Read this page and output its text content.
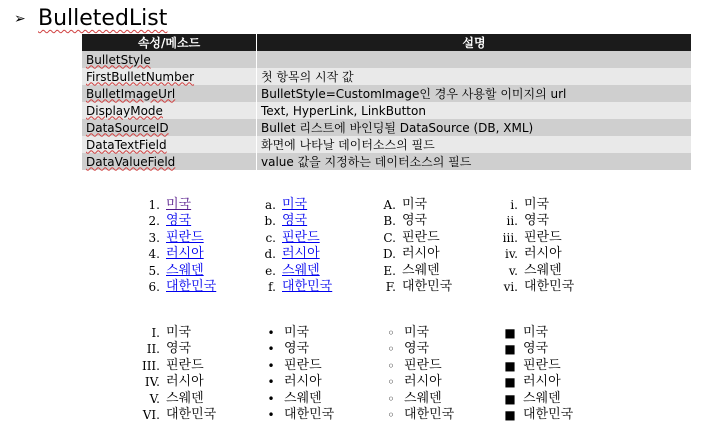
➢ BulletedList
속성/메소드	설명
BulletStyle	
FirstBulletNumber	첫 항목의 시작 값
BulletImageUrl	BulletStyle=CustomImage인 경우 사용할 이미지의 url
DisplayMode	Text, HyperLink, LinkButton
DataSourceID	Bullet 리스트에 바인딩될 DataSource (DB, XML)
DataTextField	화면에 나타날 데이터소스의 필드
DataValueField	value 값을 지정하는 데이터소스의 필드
1. 미국
2. 영국
3. 핀란드
4. 러시아
5. 스웨덴
6. 대한민국
a. 미국
b. 영국
c. 핀란드
d. 러시아
e. 스웨덴
f. 대한민국
A. 미국
B. 영국
C. 핀란드
D. 러시아
E. 스웨덴
F. 대한민국
i. 미국
ii. 영국
iii. 핀란드
iv. 러시아
v. 스웨덴
vi. 대한민국
I. 미국
II. 영국
III. 핀란드
IV. 러시아
V. 스웨덴
VI. 대한민국
• 미국
• 영국
• 핀란드
• 러시아
• 스웨덴
• 대한민국
◦ 미국
◦ 영국
◦ 핀란드
◦ 러시아
◦ 스웨덴
◦ 대한민국
■ 미국
■ 영국
■ 핀란드
■ 러시아
■ 스웨덴
■ 대한민국
